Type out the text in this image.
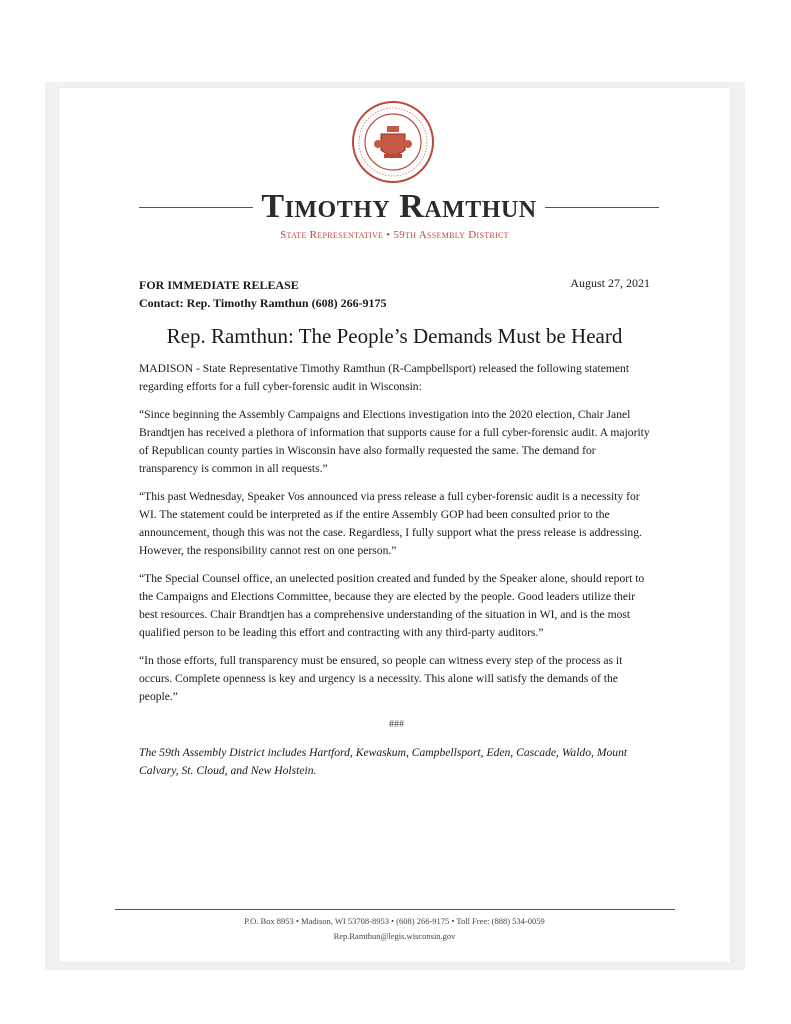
Timothy Ramthun
State Representative • 59th Assembly District
FOR IMMEDIATE RELEASE
Contact: Rep. Timothy Ramthun (608) 266-9175
August 27, 2021
Rep. Ramthun: The People’s Demands Must be Heard

MADISON - State Representative Timothy Ramthun (R-Campbellsport) released the following statement regarding efforts for a full cyber-forensic audit in Wisconsin:

“Since beginning the Assembly Campaigns and Elections investigation into the 2020 election, Chair Janel Brandtjen has received a plethora of information that supports cause for a full cyber-forensic audit. A majority of Republican county parties in Wisconsin have also formally requested the same. The demand for transparency is common in all requests.”

“This past Wednesday, Speaker Vos announced via press release a full cyber-forensic audit is a necessity for WI. The statement could be interpreted as if the entire Assembly GOP had been consulted prior to the announcement, though this was not the case. Regardless, I fully support what the press release is addressing. However, the responsibility cannot rest on one person.”

“The Special Counsel office, an unelected position created and funded by the Speaker alone, should report to the Campaigns and Elections Committee, because they are elected by the people. Good leaders utilize their best resources. Chair Brandtjen has a comprehensive understanding of the situation in WI, and is the most qualified person to be leading this effort and contracting with any third-party auditors.”

“In those efforts, full transparency must be ensured, so people can witness every step of the process as it occurs. Complete openness is key and urgency is a necessity. This alone will satisfy the demands of the people.”

###

The 59th Assembly District includes Hartford, Kewaskum, Campbellsport, Eden, Cascade, Waldo, Mount Calvary, St. Cloud, and New Holstein.

P.O. Box 8953 • Madison, WI 53708-8953 • (608) 266-9175 • Toll Free: (888) 534-0059
Rep.Ramthun@legis.wisconsin.gov
